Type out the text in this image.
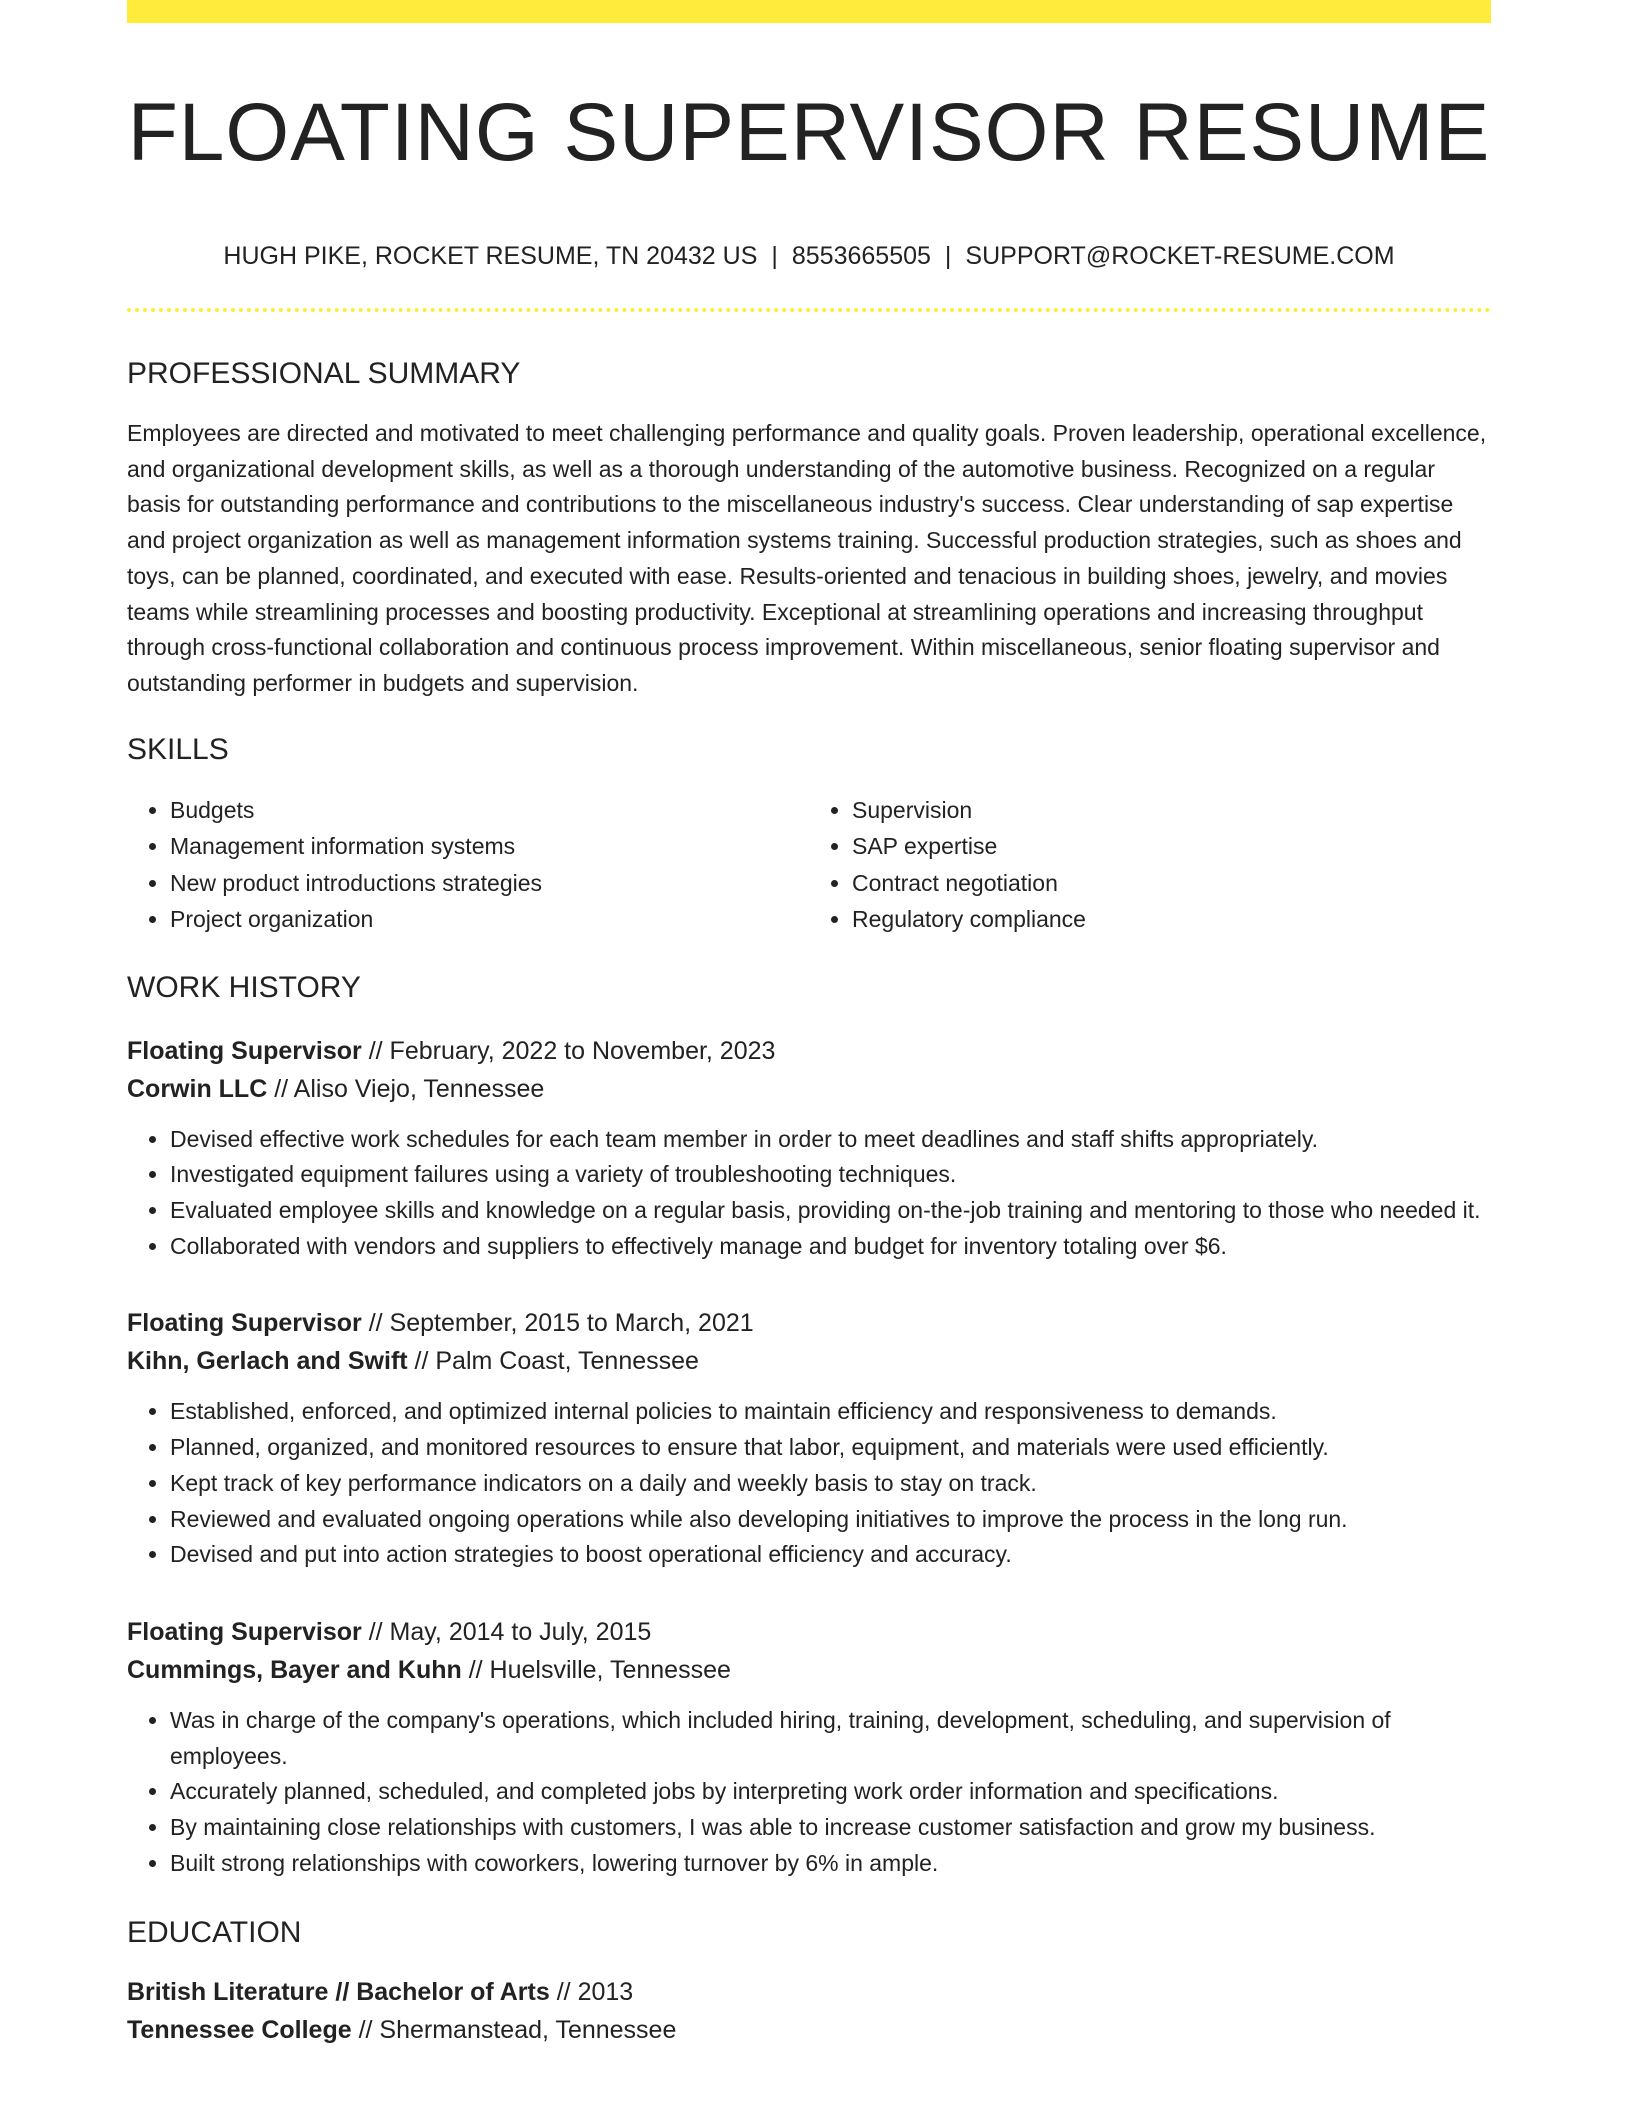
FLOATING SUPERVISOR RESUME
HUGH PIKE, ROCKET RESUME, TN 20432 US | 8553665505 | SUPPORT@ROCKET-RESUME.COM
PROFESSIONAL SUMMARY
Employees are directed and motivated to meet challenging performance and quality goals. Proven leadership, operational excellence, and organizational development skills, as well as a thorough understanding of the automotive business. Recognized on a regular basis for outstanding performance and contributions to the miscellaneous industry's success. Clear understanding of sap expertise and project organization as well as management information systems training. Successful production strategies, such as shoes and toys, can be planned, coordinated, and executed with ease. Results-oriented and tenacious in building shoes, jewelry, and movies teams while streamlining processes and boosting productivity. Exceptional at streamlining operations and increasing throughput through cross-functional collaboration and continuous process improvement. Within miscellaneous, senior floating supervisor and outstanding performer in budgets and supervision.
SKILLS
• Budgets
• Management information systems
• New product introductions strategies
• Project organization
• Supervision
• SAP expertise
• Contract negotiation
• Regulatory compliance
WORK HISTORY
Floating Supervisor // February, 2022 to November, 2023
Corwin LLC // Aliso Viejo, Tennessee
• Devised effective work schedules for each team member in order to meet deadlines and staff shifts appropriately.
• Investigated equipment failures using a variety of troubleshooting techniques.
• Evaluated employee skills and knowledge on a regular basis, providing on-the-job training and mentoring to those who needed it.
• Collaborated with vendors and suppliers to effectively manage and budget for inventory totaling over $6.
Floating Supervisor // September, 2015 to March, 2021
Kihn, Gerlach and Swift // Palm Coast, Tennessee
• Established, enforced, and optimized internal policies to maintain efficiency and responsiveness to demands.
• Planned, organized, and monitored resources to ensure that labor, equipment, and materials were used efficiently.
• Kept track of key performance indicators on a daily and weekly basis to stay on track.
• Reviewed and evaluated ongoing operations while also developing initiatives to improve the process in the long run.
• Devised and put into action strategies to boost operational efficiency and accuracy.
Floating Supervisor // May, 2014 to July, 2015
Cummings, Bayer and Kuhn // Huelsville, Tennessee
• Was in charge of the company's operations, which included hiring, training, development, scheduling, and supervision of employees.
• Accurately planned, scheduled, and completed jobs by interpreting work order information and specifications.
• By maintaining close relationships with customers, I was able to increase customer satisfaction and grow my business.
• Built strong relationships with coworkers, lowering turnover by 6% in ample.
EDUCATION
British Literature // Bachelor of Arts // 2013
Tennessee College // Shermanstead, Tennessee
